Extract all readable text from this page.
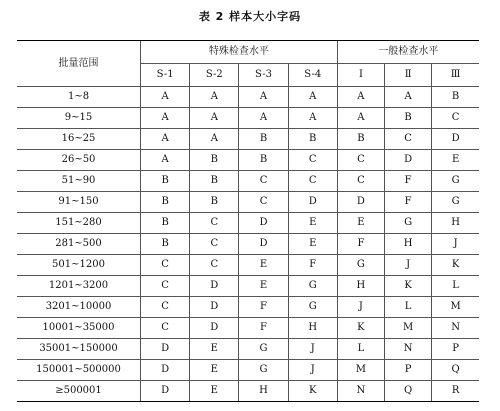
表 2 样本大小字码
批量范围	特殊检查水平				一般检查水平		
	S-1	S-2	S-3	S-4	Ⅰ	Ⅱ	Ⅲ
1~8	A	A	A	A	A	A	B
9~15	A	A	A	A	A	B	C
16~25	A	A	B	B	B	C	D
26~50	A	B	B	C	C	D	E
51~90	B	B	C	C	C	F	G
91~150	B	B	C	D	D	F	G
151~280	B	C	D	E	E	G	H
281~500	B	C	D	E	F	H	J
501~1200	C	C	E	F	G	J	K
1201~3200	C	D	E	G	H	K	L
3201~10000	C	D	F	G	J	L	M
10001~35000	C	D	F	H	K	M	N
35001~150000	D	E	G	J	L	N	P
150001~500000	D	E	G	J	M	P	Q
≥500001	D	E	H	K	N	Q	R
